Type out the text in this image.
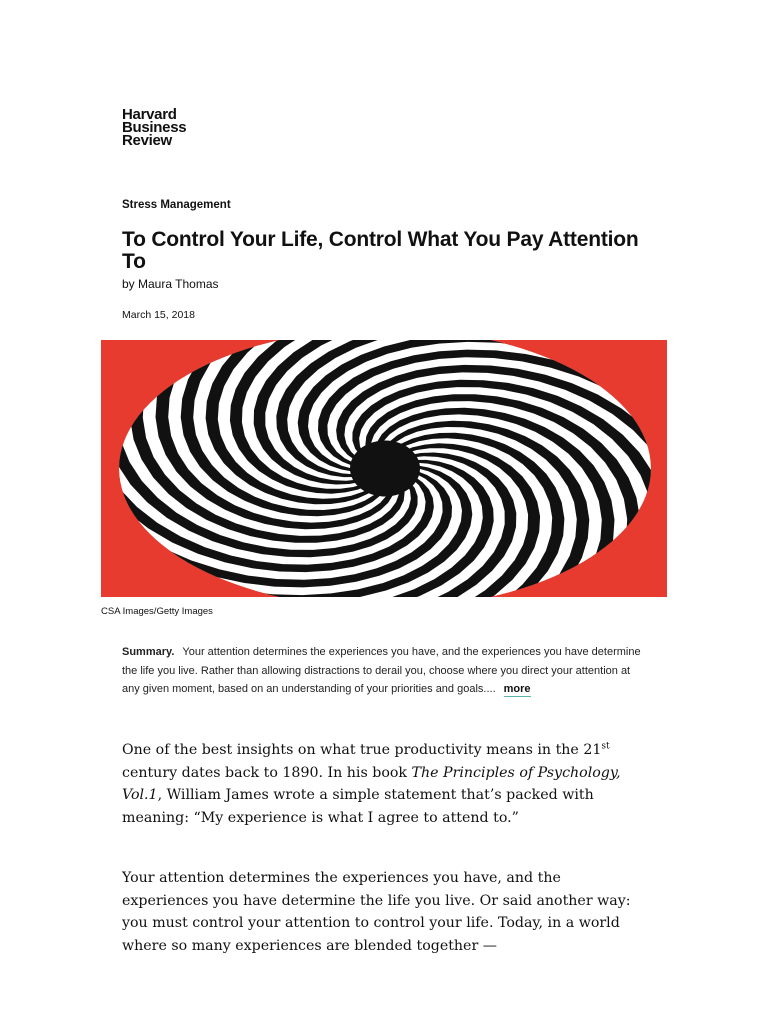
Harvard
Business
Review
Stress Management
To Control Your Life, Control What You Pay Attention To
by Maura Thomas
March 15, 2018
CSA Images/Getty Images

Summary. Your attention determines the experiences you have, and the experiences you have determine the life you live. Rather than allowing distractions to derail you, choose where you direct your attention at any given moment, based on an understanding of your priorities and goals.... more

One of the best insights on what true productivity means in the 21st century dates back to 1890. In his book The Principles of Psychology, Vol.1, William James wrote a simple statement that’s packed with meaning: “My experience is what I agree to attend to.”

Your attention determines the experiences you have, and the experiences you have determine the life you live. Or said another way: you must control your attention to control your life. Today, in a world where so many experiences are blended together —
